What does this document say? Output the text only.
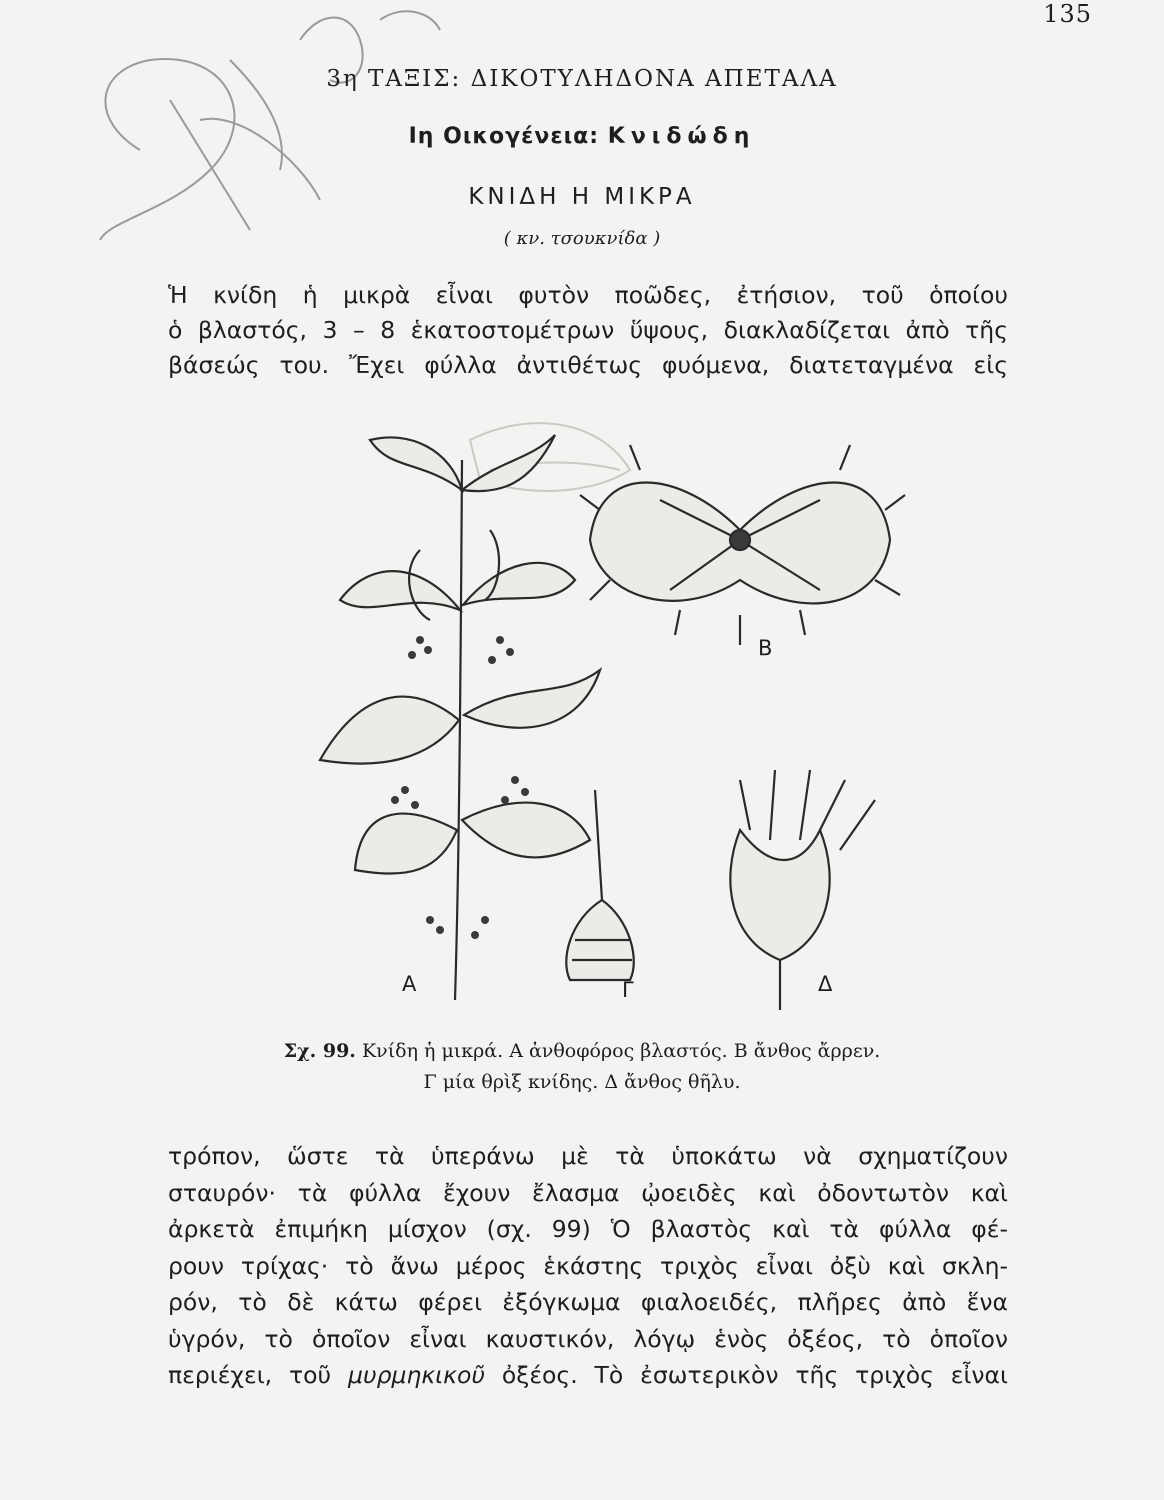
135
3η ΤΑΞΙΣ: ΔΙΚΟΤΥΛΗΔΟΝΑ ΑΠΕΤΑΛΑ
Ιη Οικογένεια: Κνιδώδη
ΚΝΙΔΗ Η ΜΙΚΡΑ
( κν. τσουκνίδα )
Ἡ κνίδη ἡ μικρὰ εἶναι φυτὸν ποῶδες, ἐτήσιον, τοῦ ὁποίου
ὁ βλαστός, 3 – 8 ἑκατοστομέτρων ὕψους, διακλαδίζεται ἀπὸ τῆς
βάσεώς του. Ἔχει φύλλα ἀντιθέτως φυόμενα, διατεταγμένα εἰς
Α
Β
Γ	Δ
Σχ. 99. Κνίδη ἡ μικρά. Α ἀνθοφόρος βλαστός. Β ἄνθος ἄρρεν.
Γ μία θρὶξ κνίδης. Δ ἄνθος θῆλυ.
τρόπον, ὥστε τὰ ὑπεράνω μὲ τὰ ὑποκάτω νὰ σχηματίζουν
σταυρόν· τὰ φύλλα ἔχουν ἔλασμα ᾠοειδὲς καὶ ὀδοντωτὸν καὶ
ἀρκετὰ ἐπιμήκη μίσχον (σχ. 99) Ὁ βλαστὸς καὶ τὰ φύλλα φέ-
ρουν τρίχας· τὸ ἄνω μέρος ἑκάστης τριχὸς εἶναι ὀξὺ καὶ σκλη-
ρόν, τὸ δὲ κάτω φέρει ἐξόγκωμα φιαλοειδές, πλῆρες ἀπὸ ἕνα
ὑγρόν, τὸ ὁποῖον εἶναι καυστικόν, λόγῳ ἑνὸς ὀξέος, τὸ ὁποῖον
περιέχει, τοῦ μυρμηκικοῦ ὀξέος. Τὸ ἐσωτερικὸν τῆς τριχὸς εἶναι
